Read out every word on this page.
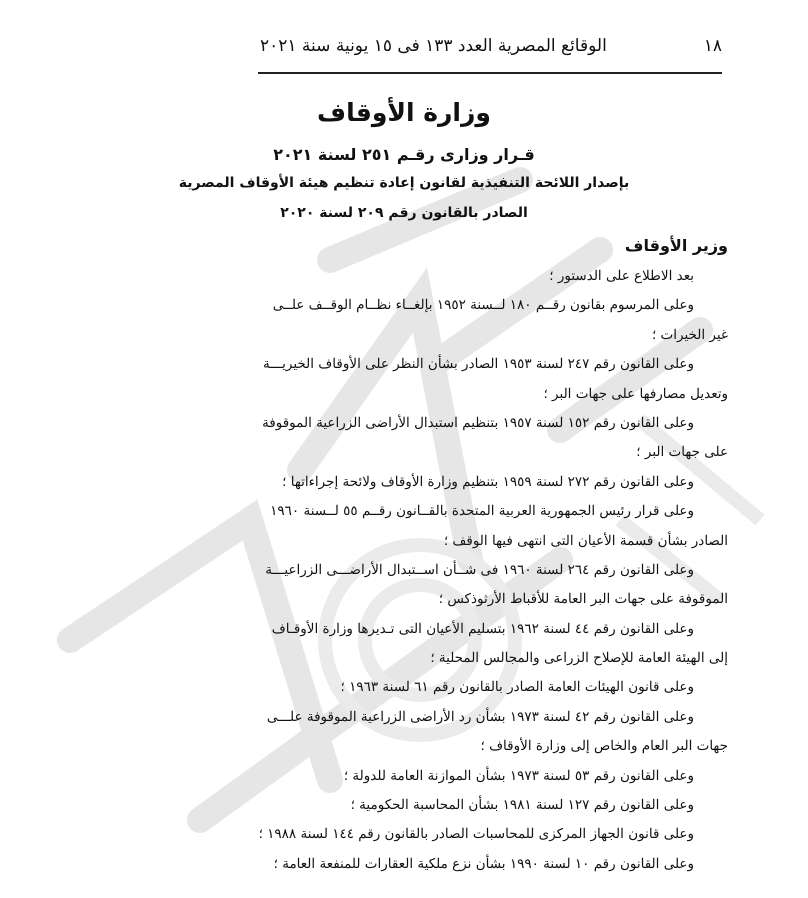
١٨
الوقائع المصرية العدد ١٣٣ فى ١٥ يونية سنة ٢٠٢١
وزارة الأوقاف
قـرار وزارى رقـم ٢٥١ لسنة ٢٠٢١
بإصدار اللائحة التنفيذية لقانون إعادة تنظيم هيئة الأوقاف المصرية
الصادر بالقانون رقم ٢٠٩ لسنة ٢٠٢٠
وزير الأوقاف
بعد الاطلاع على الدستور ؛
وعلى المرسوم بقانون رقــم ١٨٠ لــسنة ١٩٥٢ بإلغــاء نظــام الوقــف علــى
غير الخيرات ؛
وعلى القانون رقم ٢٤٧ لسنة ١٩٥٣ الصادر بشأن النظر على الأوقاف الخيريـــة
وتعديل مصارفها على جهات البر ؛
وعلى القانون رقم ١٥٢ لسنة ١٩٥٧ بتنظيم استبدال الأراضى الزراعية الموقوفة
على جهات البر ؛
وعلى القانون رقم ٢٧٢ لسنة ١٩٥٩ بتنظيم وزارة الأوقاف ولائحة إجراءاتها ؛
وعلى قرار رئيس الجمهورية العربية المتحدة بالقــانون رقــم ٥٥ لــسنة ١٩٦٠
الصادر بشأن قسمة الأعيان التى انتهى فيها الوقف ؛
وعلى القانون رقم ٢٦٤ لسنة ١٩٦٠ فى شــأن اســتبدال الأراضـــى الزراعيـــة
الموقوفة على جهات البر العامة للأقباط الأرثوذكس ؛
وعلى القانون رقم ٤٤ لسنة ١٩٦٢ بتسليم الأعيان التى تـديرها وزارة الأوقـاف
إلى الهيئة العامة للإصلاح الزراعى والمجالس المحلية ؛
وعلى قانون الهيئات العامة الصادر بالقانون رقم ٦١ لسنة ١٩٦٣ ؛
وعلى القانون رقم ٤٢ لسنة ١٩٧٣ بشأن رد الأراضى الزراعية الموقوفة علـــى
جهات البر العام والخاص إلى وزارة الأوقاف ؛
وعلى القانون رقم ٥٣ لسنة ١٩٧٣ بشأن الموازنة العامة للدولة ؛
وعلى القانون رقم ١٢٧ لسنة ١٩٨١ بشأن المحاسبة الحكومية ؛
وعلى قانون الجهاز المركزى للمحاسبات الصادر بالقانون رقم ١٤٤ لسنة ١٩٨٨ ؛
وعلى القانون رقم ١٠ لسنة ١٩٩٠ بشأن نزع ملكية العقارات للمنفعة العامة ؛
